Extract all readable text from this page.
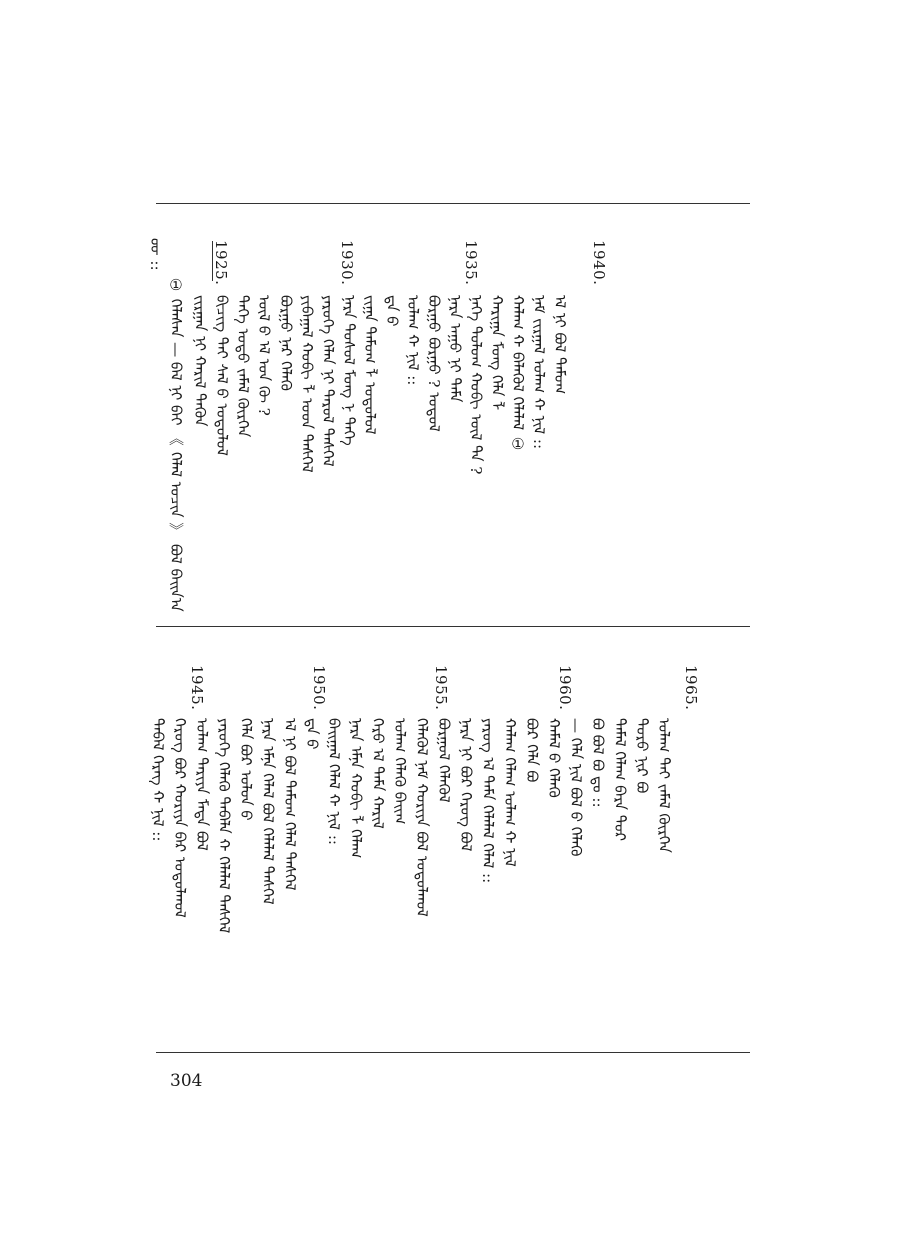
ᡂ ::
① ᠬᠡᠯᠡᠰᠡᠨ — ᠪᠡᠯ ᠨᠢ ᠪᠠᠢ 《 ᠬᠡᠯᠡᠯ ᠣᠴᠢᠨ 》 ᠪᠣᠯ ᠪᠠᠢᠨ᠎ᠠ ᠵᠢᠷᠭᠠᠨ ᠨᠢ ᠬᠠᠷᠢᠯ ᠲᠡᠭᠦᠨ ᠪᠢᠴᠢᠭ ᠲᠠᠢ ᠰᠡᠯ ᠪ ᠣᠳᠣᠯᠣᠯ ᠲᠡᠭᠡ ᠣᠳᠣ ᠵᠠᠮᠠᠯ ᠬᠦᠷᠭᠡᠨ ᠦᠯ ᠪ ᠡᠯ ᠣᠡ ᠬᠦ ? ᠪᠣᠷᠭᠣ ᠨᠠᠷ ᠬᠡᠯᠡᠬᠦ ᠶᠢᠪᠠᠭᠠᠯ ᠬᠤᠪᠢ ᠯ ᠣᠳ ᠳᠡᠰᠬᠡᠯ ᠶᠡᠷᠦᠭᠡ ᠬᠡᠯᠡᠨ ᠨᠢ ᠳᠠᠷᠤᠯ ᠳᠡᠰᠬᠡᠯ ᠨᠡᠷᠡ ᠳᠣᠰᠣᠯ ᠮᠣᠩ ᠨ ᠲᠡᠭᠡ ᠵᠢᠭᠠ ᠳᠠᠮᠤᠭ ᠯ ᠣᠳᠣᠯᠣᠯ ᠳᠠ ᠪ ᠣᠯᠠᠭ ᠬ ᠨᠢᠯ :: ᠪᠣᠷᠭᠣ ᠪᠣᠷᠭᠣ ? ᠣᠳᠣᠯ ᠨᠡᠷᠡ ᠠᠭᠤ ᠨᠢ ᠳᠠᠮᠠ ᠨᠡᠭᠡ ᠳᠣᠯᠣᠭ ᠬᠤᠪᠢ ᠦᠯ ᠲᠠ ? ᠬᠠᠷᠢᠭᠠ ᠮᠣᠩ ᠬᠡᠯᠡ ᠯ ᠬᠠᠯᠠᠭ ᠬ ᠪᠡᠯᠡᠬᠦᠯ ᠬᠡᠯᠡᠯᠡᠯ ① ᠨᠠᠮ ᠵᠢᠷᠭᠠᠯ ᠣᠯᠠᠭ ᠬ ᠨᠢᠯ :: ᠡᠯ ᠨᠢ ᠪᠣᠯ ᠳᠠᠮᠤᠭ
1940.
1935.
1930.
1925.
ᠳᠡᠪᠡᠯ ᠬᠡᠷᠡᠭ ᠬ ᠨᠢᠯ :: ᠬᠡᠷᠦᠭ ᠪᠣᠷ ᠬᠣᠷᠢᠶᠠ ᠪᠠᠷ ᠣᠳᠣᠯᠬᠣᠯ ᠣᠯᠠᠭ ᠲᠠᠷᠢᠶᠠ ᠮᠡᠳᠡ ᠪᠣᠯ ᠶᠡᠷᠦᠭᠡ ᠬᠡᠯᠡᠬᠦ ᠳᠡᠪᠡᠯᠡ ᠬ ᠬᠡᠯᠡᠯᠡᠯ ᠳᠡᠰᠬᠡᠯ ᠬᠡᠯᠡ ᠪᠣᠷ ᠣᠯᠣᠨ ᠪ ᠨᠡᠷᠡ ᠡᠮᠨᠡ ᠬᠡᠯᠡᠯ ᠪᠣᠯ ᠬᠡᠯᠡᠯᠡᠯ ᠳᠡᠰᠬᠡᠯ ᠡᠯ ᠨᠢ ᠪᠣᠯ ᠳᠠᠮᠤᠭ ᠬᠡᠯᠡᠯ ᠳᠡᠰᠬᠡᠯ ᠳᠠ ᠪ ᠪᠠᠢᠭᠠᠯ ᠬᠡᠯᠡᠯ ᠬ ᠨᠢᠯ :: ᠨᠡᠷᠡ ᠡᠮᠨᠡ ᠬᠤᠪᠢ ᠯ ᠬᠡᠯᠡᠬ ᠬᠡᠷᠦ ᠡᠯ ᠳᠠᠮᠠ ᠬᠠᠷᠢᠯ ᠣᠯᠠᠭ ᠬᠡᠯᠡᠬᠦ ᠪᠠᠢᠬ ᠬᠡᠯᠡᠬᠦᠯ ᠨᠠᠮ ᠬᠣᠷᠢᠶᠠ ᠪᠣᠯ ᠣᠳᠣᠯᠬᠣᠯ ᠪᠣᠷᠭᠣᠯ ᠬᠡᠯᠡᠬᠦᠯ ᠨᠡᠷᠡ ᠨᠢ ᠪᠣᠷ ᠬᠡᠷᠦᠭ ᠪᠣᠯ ᠶᠡᠷᠦᠭ ᠡᠯ ᠳᠠᠮᠠ ᠬᠡᠯᠡᠯᠡᠯ ᠬᠡᠯᠡᠯ :: ᠬᠠᠯᠠᠭ ᠬᠡᠯᠡᠬ ᠣᠯᠠᠭ ᠬ ᠨᠢᠯ ᠪᠣᠷ ᠬᠡᠯᠡ ᠪᠣ ᠬᠠᠮᠠᠯ ᠪ ᠬᠡᠯᠡᠬᠦ — ᠬᠡᠯᠡ ᠨᠢᠯ ᠪᠣᠯ ᠪ ᠬᠡᠯᠡᠬᠦ ᠪᠣ ᠪᠣᠯ ᠪᠣ ᠳᠣ :: ᠳᠠᠮᠠᠯ ᠬᠡᠯᠡᠬ ᠪᠡᠷᠡ ᠳᠣᠷ ᠳᠣᠷᠣ ᠨᠢᠷ ᠪᠣ ᠣᠯᠠᠭ ᠲᠠᠢ ᠵᠠᠮᠠᠯ ᠬᠦᠷᠭᠡᠨ
1965.
1960.
1955.
1950.
1945.
304
